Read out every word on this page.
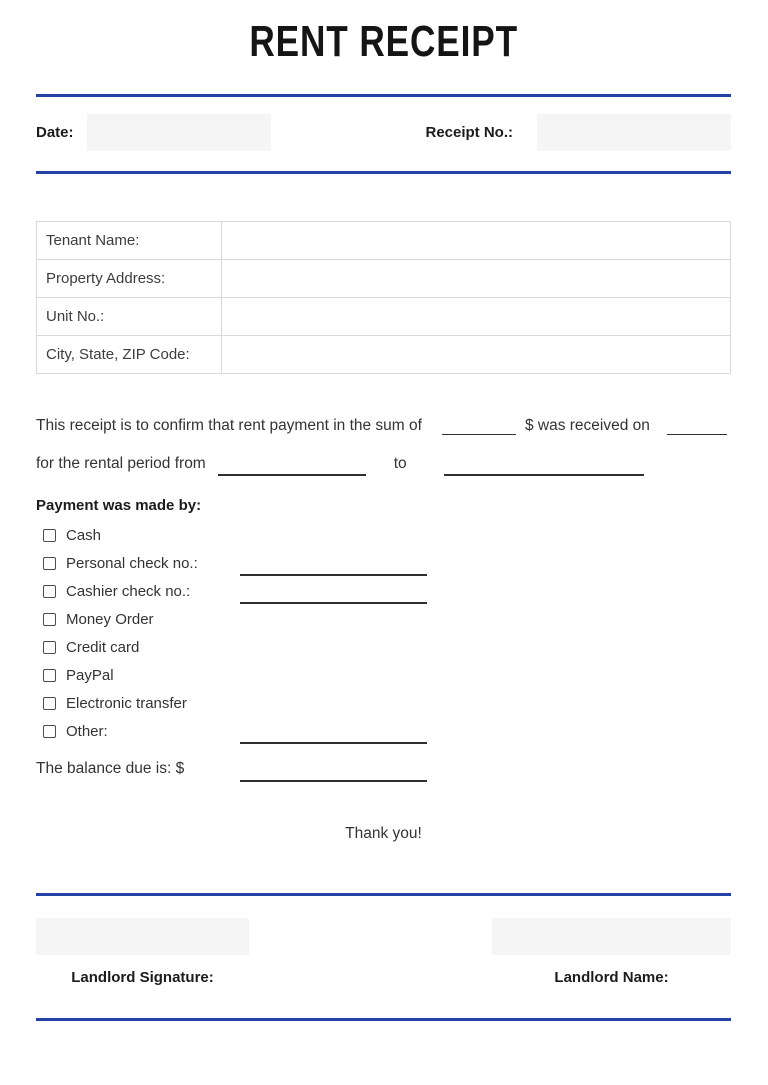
RENT RECEIPT
Date:	Receipt No.:
Tenant Name:	
Property Address:	
Unit No.:	
City, State, ZIP Code:	
This receipt is to confirm that rent payment in the sum of	$ was received on
for the rental period from	to
Payment was made by:
Cash
Personal check no.:
Cashier check no.:
Money Order
Credit card
PayPal
Electronic transfer
Other:
The balance due is: $
Thank you!
Landlord Signature:	Landlord Name:
